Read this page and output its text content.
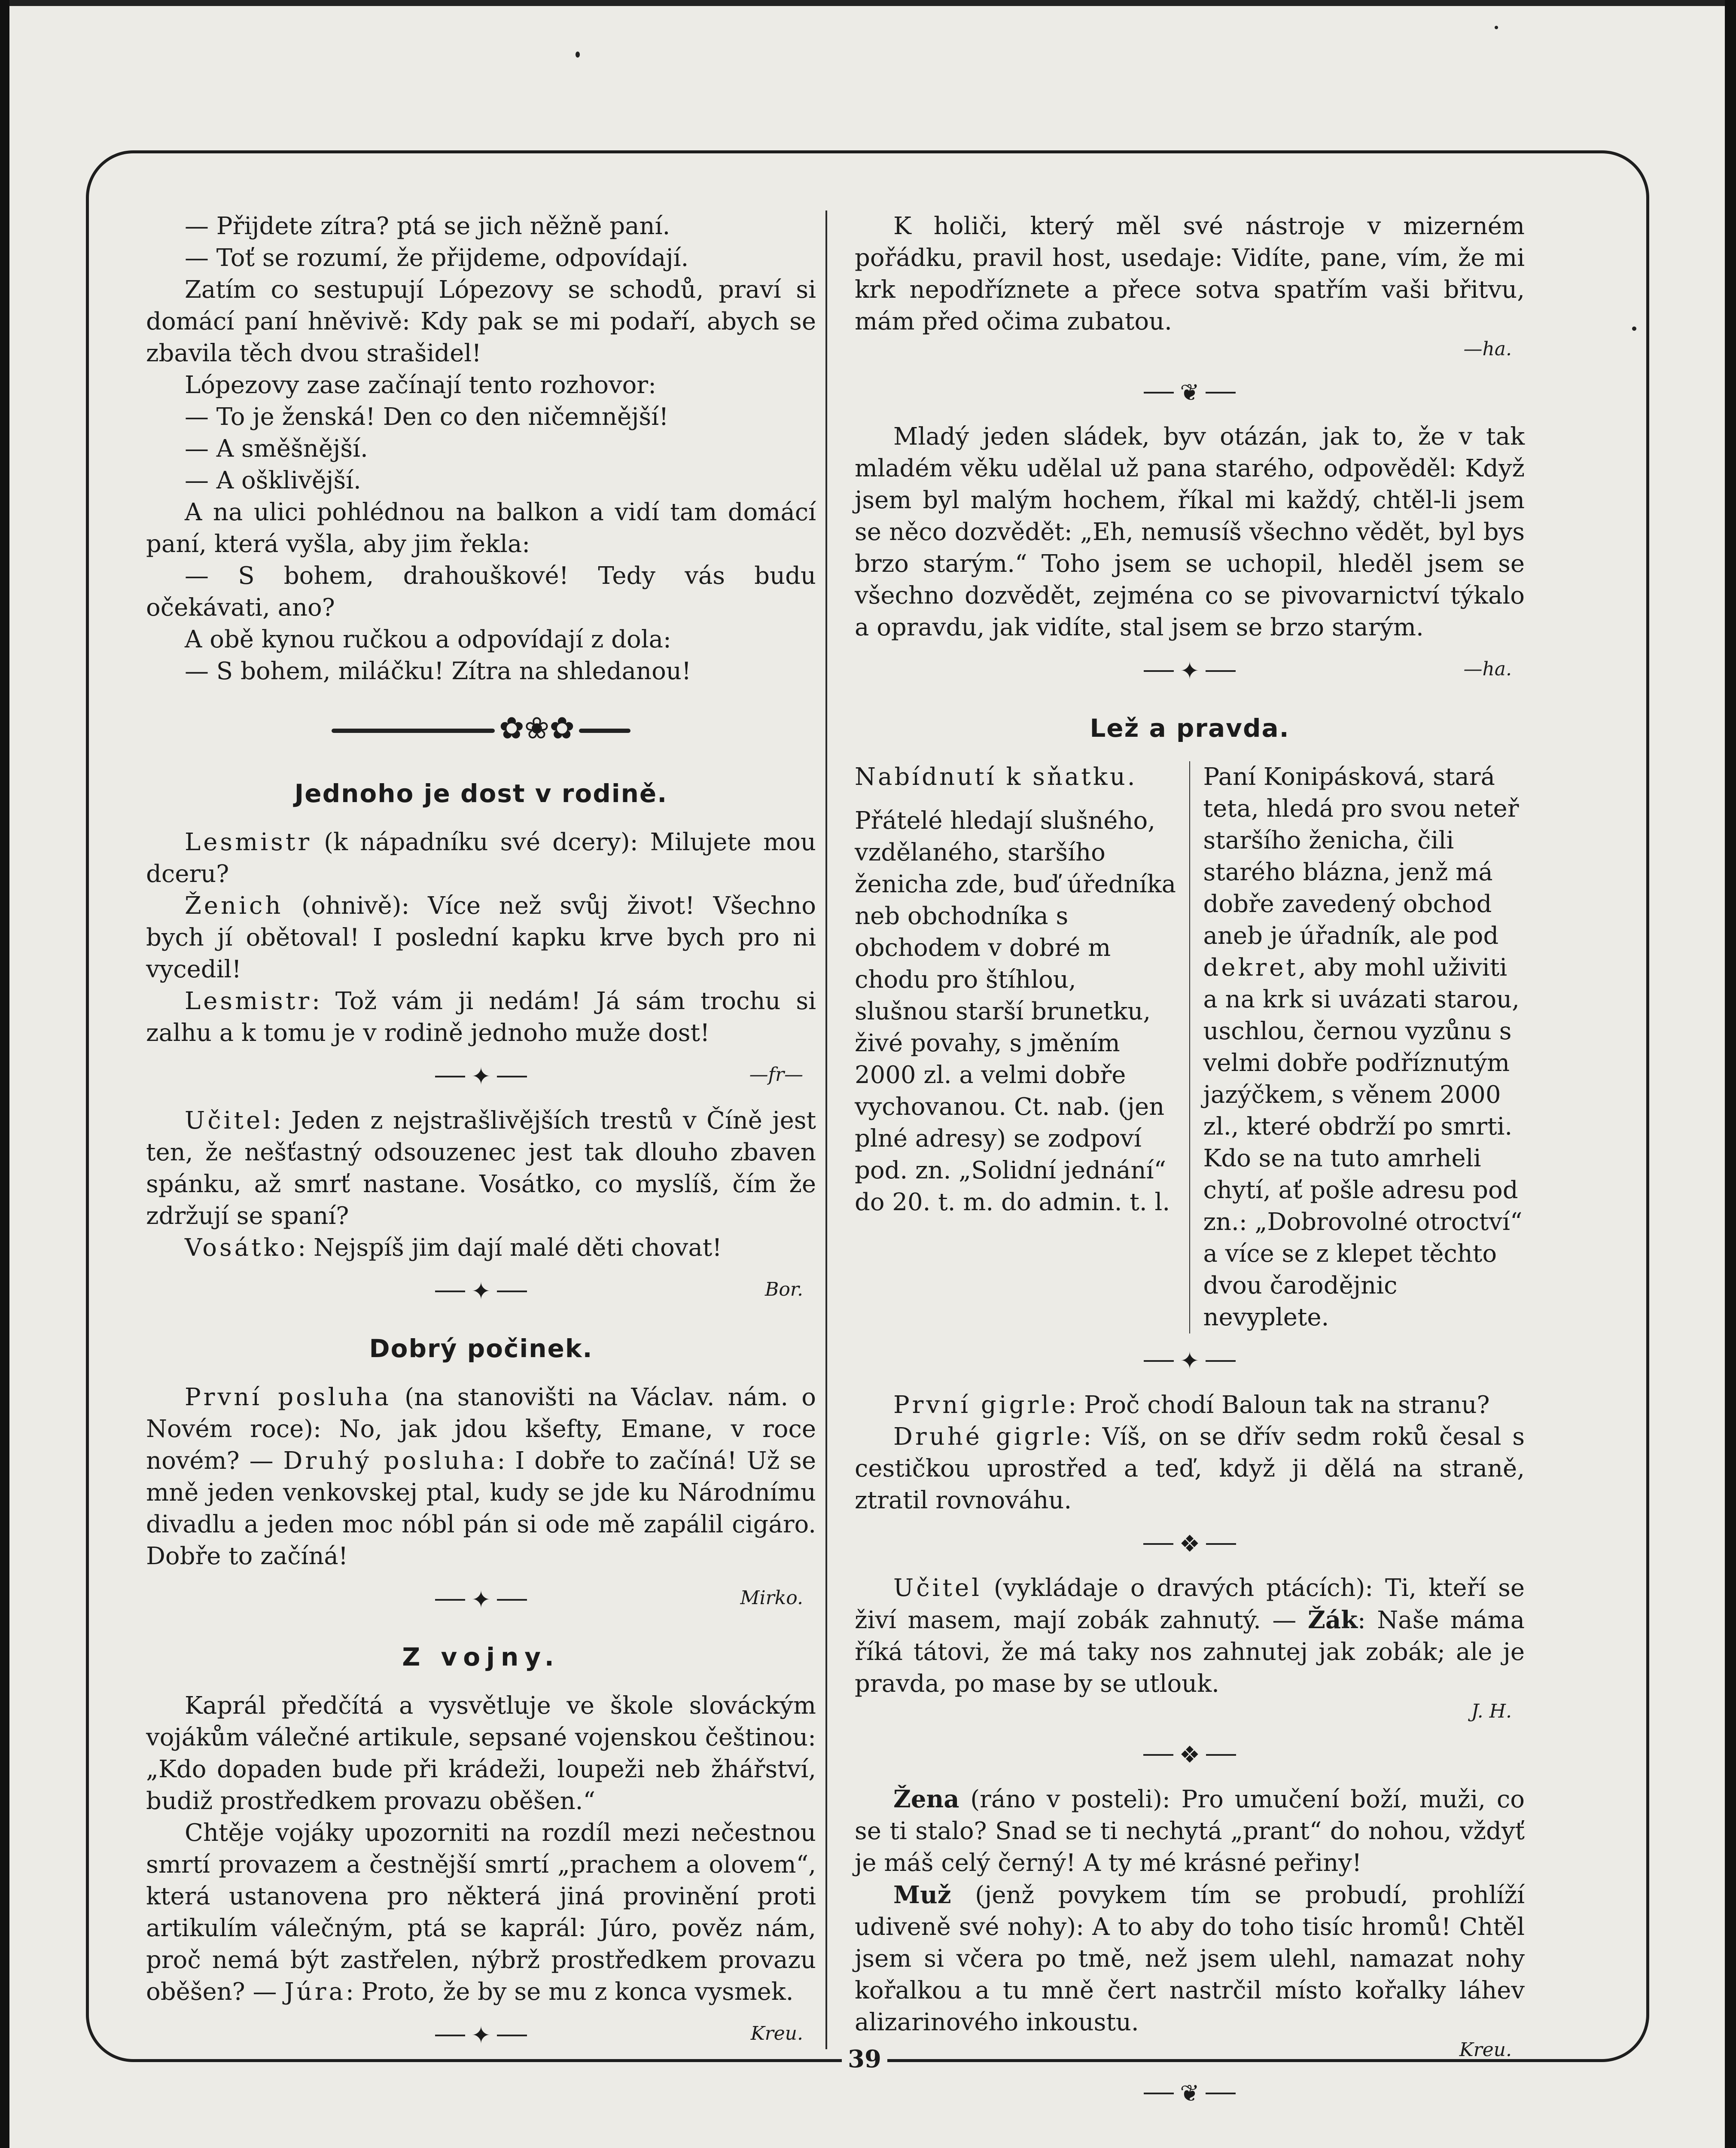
— Přijdete zítra? ptá se jich něžně paní.

— Toť se rozumí, že přijdeme, odpovídají.

Zatím co sestupují Lópezovy se schodů, praví si domácí paní hněvivě: Kdy pak se mi podaří, abych se zbavila těch dvou strašidel!

Lópezovy zase začínají tento rozhovor:

— To je ženská! Den co den ničemnější!

— A směšnější.

— A ošklivější.

A na ulici pohlédnou na balkon a vidí tam domácí paní, která vyšla, aby jim řekla:

— S bohem, drahouškové! Tedy vás budu očekávati, ano?

A obě kynou ručkou a odpovídají z dola:

— S bohem, miláčku! Zítra na shledanou!

✿❀✿
Jednoho je dost v rodině.

Lesmistr (k nápadníku své dcery): Milujete mou dceru?

Ženich (ohnivě): Více než svůj život! Všechno bych jí obětoval! I poslední kapku krve bych pro ni vycedil!

Lesmistr: Tož vám ji nedám! Já sám trochu si zalhu a k tomu je v rodině jednoho muže dost!

✦	—fr—

Učitel: Jeden z nejstrašlivějších trestů v Číně jest ten, že nešťastný odsouzenec jest tak dlouho zbaven spánku, až smrť nastane. Vosátko, co myslíš, čím že zdržují se spaní?

Vosátko: Nejspíš jim dají malé děti chovat!

✦	Bor.
Dobrý počinek.

První posluha (na stanovišti na Václav. nám. o Novém roce): No, jak jdou kšefty, Emane, v roce novém? — Druhý posluha: I dobře to začíná! Už se mně jeden venkovskej ptal, kudy se jde ku Národnímu divadlu a jeden moc nóbl pán si ode mě zapálil cigáro. Dobře to začíná!

✦	Mirko.
Z vojny.

Kaprál předčítá a vysvětluje ve škole slováckým vojákům válečné artikule, sepsané vojenskou češtinou: „Kdo dopaden bude při krádeži, loupeži neb žhářství, budiž prostředkem provazu oběšen.“

Chtěje vojáky upozorniti na rozdíl mezi nečestnou smrtí provazem a čestnější smrtí „prachem a olovem“, která ustanovena pro některá jiná provinění proti artikulím válečným, ptá se kaprál: Júro, pověz nám, proč nemá být zastřelen, nýbrž prostředkem provazu oběšen? — Júra: Proto, že by se mu z konca vysmek.

✦	Kreu.

K holiči, který měl své nástroje v mizerném pořádku, pravil host, usedaje: Vidíte, pane, vím, že mi krk nepodříznete a přece sotva spatřím vaši břitvu, mám před očima zubatou.

—ha.
❦

Mladý jeden sládek, byv otázán, jak to, že v tak mladém věku udělal už pana starého, odpověděl: Když jsem byl malým hochem, říkal mi každý, chtěl-li jsem se něco dozvědět: „Eh, nemusíš všechno vědět, byl bys brzo starým.“ Toho jsem se uchopil, hleděl jsem se všechno dozvědět, zejména co se pivovarnictví týkalo a opravdu, jak vidíte, stal jsem se brzo starým.

✦	—ha.
Lež a pravda.
Nabídnutí k sňatku.

Přátelé hledají slušného, vzdělaného, staršího ženicha zde, buď úředníka neb obchodníka s obchodem v dobré m chodu pro štíhlou, slušnou starší brunetku, živé povahy, s jměním 2000 zl. a velmi dobře vychovanou. Ct. nab. (jen plné adresy) se zodpoví pod. zn. „Solidní jednání“ do 20. t. m. do admin. t. l.

Paní Konipásková, stará teta, hledá pro svou neteř staršího ženicha, čili starého blázna, jenž má dobře zavedený obchod aneb je úřadník, ale pod dekret, aby mohl uživiti a na krk si uvázati starou, uschlou, černou vyzůnu s velmi dobře podříznutým jazýčkem, s věnem 2000 zl., které obdrží po smrti. Kdo se na tuto amrheli chytí, ať pošle adresu pod zn.: „Dobrovolné otroctví“ a více se z klepet těchto dvou čarodějnic nevyplete.

✦

První gigrle: Proč chodí Baloun tak na stranu?

Druhé gigrle: Víš, on se dřív sedm roků česal s cestičkou uprostřed a teď, když ji dělá na straně, ztratil rovnováhu.

❖

Učitel (vykládaje o dravých ptácích): Ti, kteří se živí masem, mají zobák zahnutý. — Žák: Naše máma říká tátovi, že má taky nos zahnutej jak zobák; ale je pravda, po mase by se utlouk.

J. H.
❖

Žena (ráno v posteli): Pro umučení boží, muži, co se ti stalo? Snad se ti nechytá „prant“ do nohou, vždyť je máš celý černý! A ty mé krásné peřiny!

Muž (jenž povykem tím se probudí, prohlíží udiveně své nohy): A to aby do toho tisíc hromů! Chtěl jsem si včera po tmě, než jsem ulehl, namazat nohy kořalkou a tu mně čert nastrčil místo kořalky láhev alizarinového inkoustu.

Kreu.
❦
39
